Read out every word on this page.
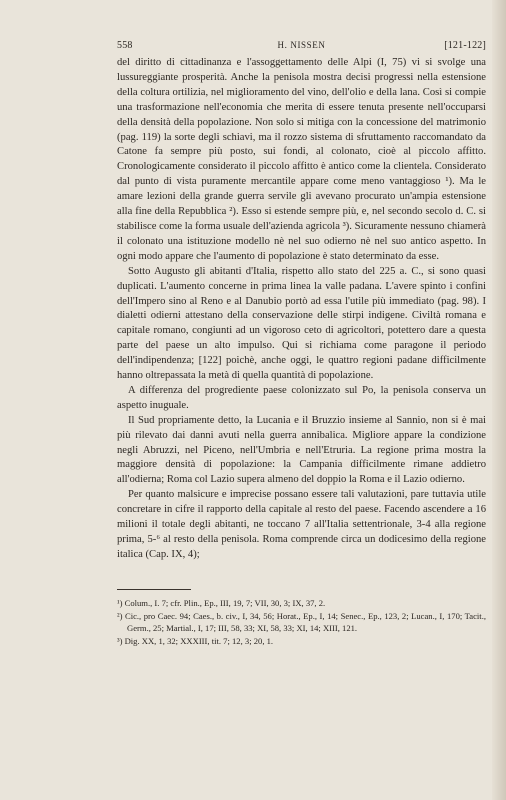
558	H. NISSEN	[121-122]

del diritto di cittadinanza e l'assoggettamento delle Alpi (I, 75) vi si svolge una lussureggiante prosperità. Anche la penisola mostra decisi progressi nella estensione della coltura ortilizia, nel miglioramento del vino, dell'olio e della lana. Così si compie una trasformazione nell'economia che merita di essere tenuta presente nell'occuparsi della densità della popolazione. Non solo si mitiga con la concessione del matrimonio (pag. 119) la sorte degli schiavi, ma il rozzo sistema di sfruttamento raccomandato da Catone fa sempre più posto, sui fondi, al colonato, cioè al piccolo affitto. Cronologicamente considerato il piccolo affitto è antico come la clientela. Considerato dal punto di vista puramente mercantile appare come meno vantaggioso ¹). Ma le amare lezioni della grande guerra servile gli avevano procurato un'ampia estensione alla fine della Repubblica ²). Esso si estende sempre più, e, nel secondo secolo d. C. si stabilisce come la forma usuale dell'azienda agricola ³). Sicuramente nessuno chiamerà il colonato una istituzione modello nè nel suo odierno nè nel suo antico aspetto. In ogni modo appare che l'aumento di popolazione è stato determinato da esse.

Sotto Augusto gli abitanti d'Italia, rispetto allo stato del 225 a. C., si sono quasi duplicati. L'aumento concerne in prima linea la valle padana. L'avere spinto i confini dell'Impero sino al Reno e al Danubio portò ad essa l'utile più immediato (pag. 98). I dialetti odierni attestano della conservazione delle stirpi indigene. Civiltà romana e capitale romano, congiunti ad un vigoroso ceto di agricoltori, potettero dare a questa parte del paese un alto impulso. Qui si richiama come paragone il periodo dell'indipendenza; [122] poichè, anche oggi, le quattro regioni padane difficilmente hanno oltrepassata la metà di quella quantità di popolazione.

A differenza del progrediente paese colonizzato sul Po, la penisola conserva un aspetto inuguale.

Il Sud propriamente detto, la Lucania e il Bruzzio insieme al Sannio, non si è mai più rilevato dai danni avuti nella guerra annibalica. Migliore appare la condizione negli Abruzzi, nel Piceno, nell'Umbria e nell'Etruria. La regione prima mostra la maggiore densità di popolazione: la Campania difficilmente rimane addietro all'odierna; Roma col Lazio supera almeno del doppio la Roma e il Lazio odierno.

Per quanto malsicure e imprecise possano essere tali valutazioni, pare tuttavia utile concretare in cifre il rapporto della capitale al resto del paese. Facendo ascendere a 16 milioni il totale degli abitanti, ne toccano 7 all'Italia settentrionale, 3-4 alla regione prima, 5-⁶ al resto della penisola. Roma comprende circa un dodicesimo della regione italica (Cap. IX, 4);

¹) Colum., I. 7; cfr. Plin., Ep., III, 19, 7; VII, 30, 3; IX, 37, 2.

²) Cic., pro Caec. 94; Caes., b. civ., I, 34, 56; Horat., Ep., I, 14; Senec., Ep., 123, 2; Lucan., I, 170; Tacit., Germ., 25; Martial., I, 17; III, 58, 33; XI, 58, 33; XI, 14; XIII, 121.

³) Dig. XX, 1, 32; XXXIII, tit. 7; 12, 3; 20, 1.
